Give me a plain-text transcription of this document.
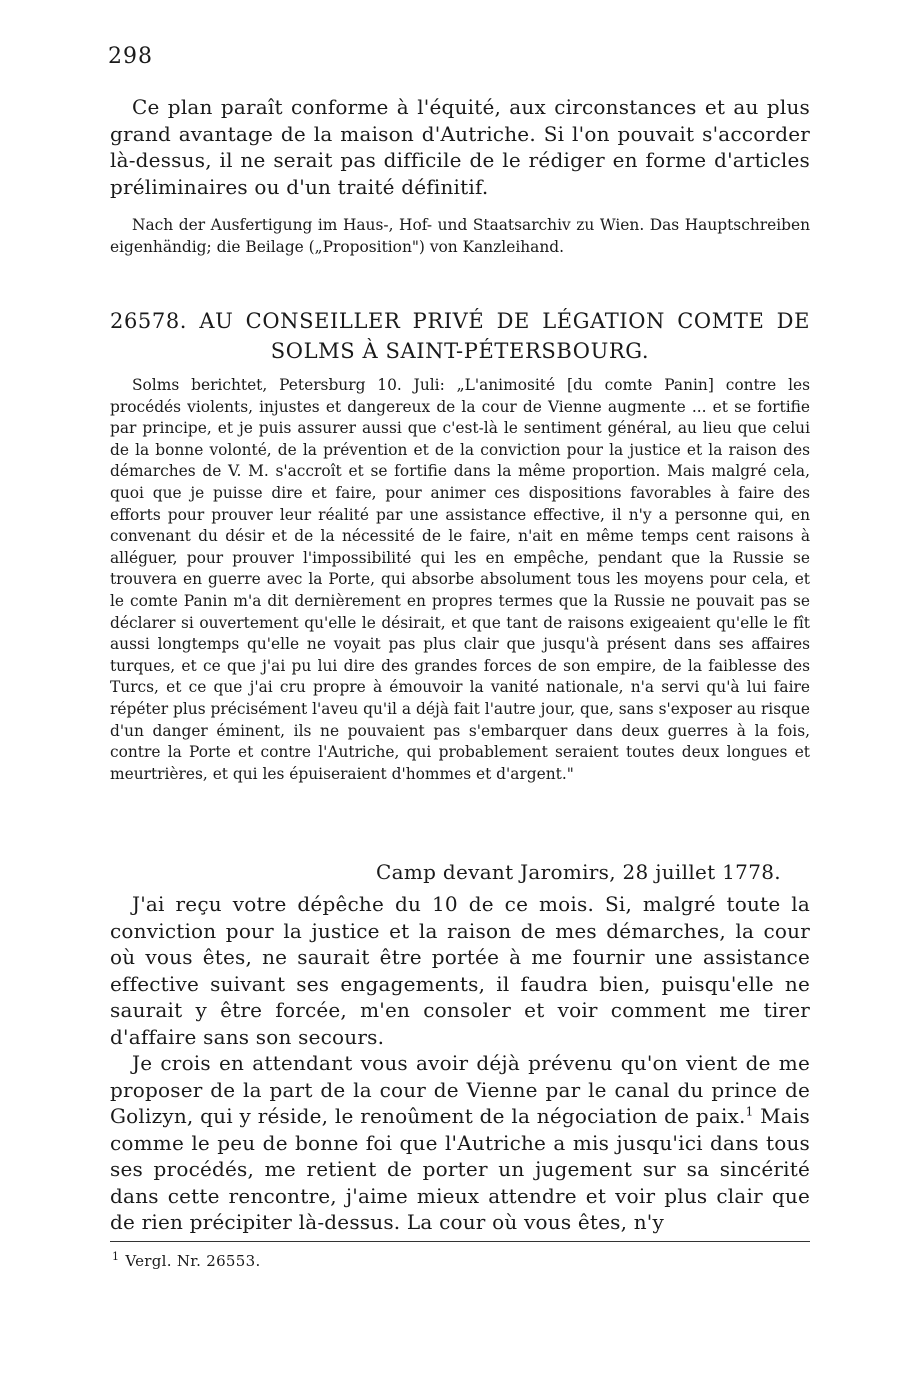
298

Ce plan paraît conforme à l'équité, aux circonstances et au plus grand avantage de la maison d'Autriche. Si l'on pouvait s'accorder là-dessus, il ne serait pas difficile de le rédiger en forme d'articles préliminaires ou d'un traité définitif.

Nach der Ausfertigung im Haus-, Hof- und Staatsarchiv zu Wien. Das Hauptschreiben eigenhändig; die Beilage („Proposition") von Kanzleihand.

26578. AU CONSEILLER PRIVÉ DE LÉGATION COMTE DE
SOLMS À SAINT-PÉTERSBOURG.

Solms berichtet, Petersburg 10. Juli: „L'animosité [du comte Panin] contre les procédés violents, injustes et dangereux de la cour de Vienne augmente ... et se fortifie par principe, et je puis assurer aussi que c'est-là le sentiment général, au lieu que celui de la bonne volonté, de la prévention et de la conviction pour la justice et la raison des démarches de V. M. s'accroît et se fortifie dans la même proportion. Mais malgré cela, quoi que je puisse dire et faire, pour animer ces dispositions favorables à faire des efforts pour prouver leur réalité par une assistance effective, il n'y a personne qui, en convenant du désir et de la nécessité de le faire, n'ait en même temps cent raisons à alléguer, pour prouver l'impossibilité qui les en empêche, pendant que la Russie se trouvera en guerre avec la Porte, qui absorbe absolument tous les moyens pour cela, et le comte Panin m'a dit dernièrement en propres termes que la Russie ne pouvait pas se déclarer si ouvertement qu'elle le désirait, et que tant de raisons exigeaient qu'elle le fît aussi longtemps qu'elle ne voyait pas plus clair que jusqu'à présent dans ses affaires turques, et ce que j'ai pu lui dire des grandes forces de son empire, de la faiblesse des Turcs, et ce que j'ai cru propre à émouvoir la vanité nationale, n'a servi qu'à lui faire répéter plus précisément l'aveu qu'il a déjà fait l'autre jour, que, sans s'exposer au risque d'un danger éminent, ils ne pouvaient pas s'embarquer dans deux guerres à la fois, contre la Porte et contre l'Autriche, qui probablement seraient toutes deux longues et meurtrières, et qui les épuiseraient d'hommes et d'argent."

Camp devant Jaromirs, 28 juillet 1778.

J'ai reçu votre dépêche du 10 de ce mois. Si, malgré toute la conviction pour la justice et la raison de mes démarches, la cour où vous êtes, ne saurait être portée à me fournir une assistance effective suivant ses engagements, il faudra bien, puisqu'elle ne saurait y être forcée, m'en consoler et voir comment me tirer d'affaire sans son secours.

Je crois en attendant vous avoir déjà prévenu qu'on vient de me proposer de la part de la cour de Vienne par le canal du prince de Golizyn, qui y réside, le renoûment de la négociation de paix.$^1$ Mais comme le peu de bonne foi que l'Autriche a mis jusqu'ici dans tous ses procédés, me retient de porter un jugement sur sa sincérité dans cette rencontre, j'aime mieux attendre et voir plus clair que de rien précipiter là-dessus. La cour où vous êtes, n'y

$^1$ Vergl. Nr. 26553.
